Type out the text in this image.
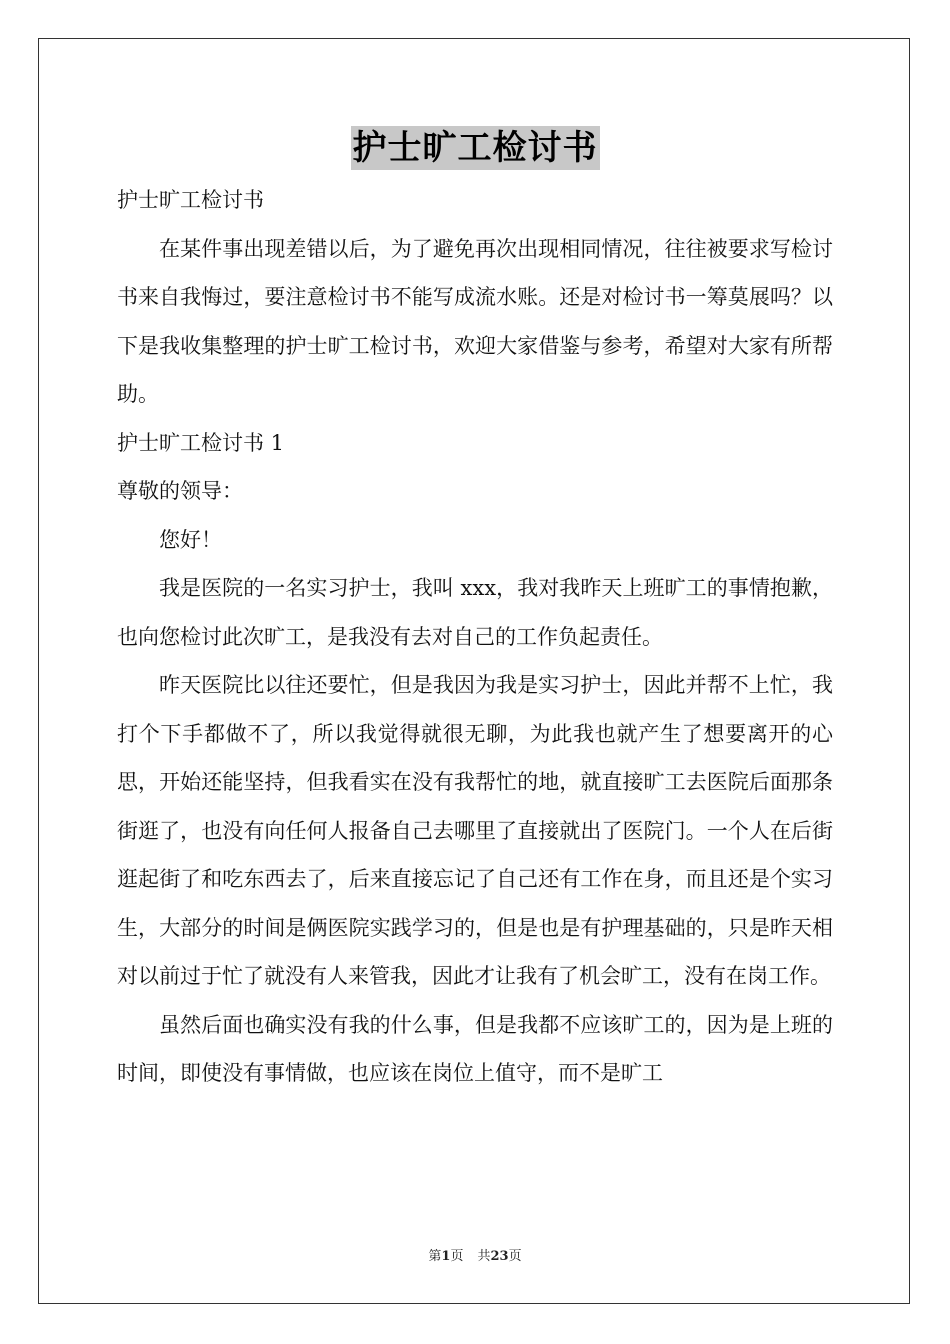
护士旷工检讨书

护士旷工检讨书

在某件事出现差错以后，为了避免再次出现相同情况，往往被要求写检讨书来自我悔过，要注意检讨书不能写成流水账。还是对检讨书一筹莫展吗？以下是我收集整理的护士旷工检讨书，欢迎大家借鉴与参考，希望对大家有所帮助。

护士旷工检讨书 1

尊敬的领导：

您好！

我是医院的一名实习护士，我叫 xxx，我对我昨天上班旷工的事情抱歉，也向您检讨此次旷工，是我没有去对自己的工作负起责任。

昨天医院比以往还要忙，但是我因为我是实习护士，因此并帮不上忙，我打个下手都做不了，所以我觉得就很无聊，为此我也就产生了想要离开的心思，开始还能坚持，但我看实在没有我帮忙的地，就直接旷工去医院后面那条街逛了，也没有向任何人报备自己去哪里了直接就出了医院门。一个人在后街逛起街了和吃东西去了，后来直接忘记了自己还有工作在身，而且还是个实习生，大部分的时间是俩医院实践学习的，但是也是有护理基础的，只是昨天相对以前过于忙了就没有人来管我，因此才让我有了机会旷工，没有在岗工作。

虽然后面也确实没有我的什么事，但是我都不应该旷工的，因为是上班的时间，即使没有事情做，也应该在岗位上值守，而不是旷工

第1页 共23页
